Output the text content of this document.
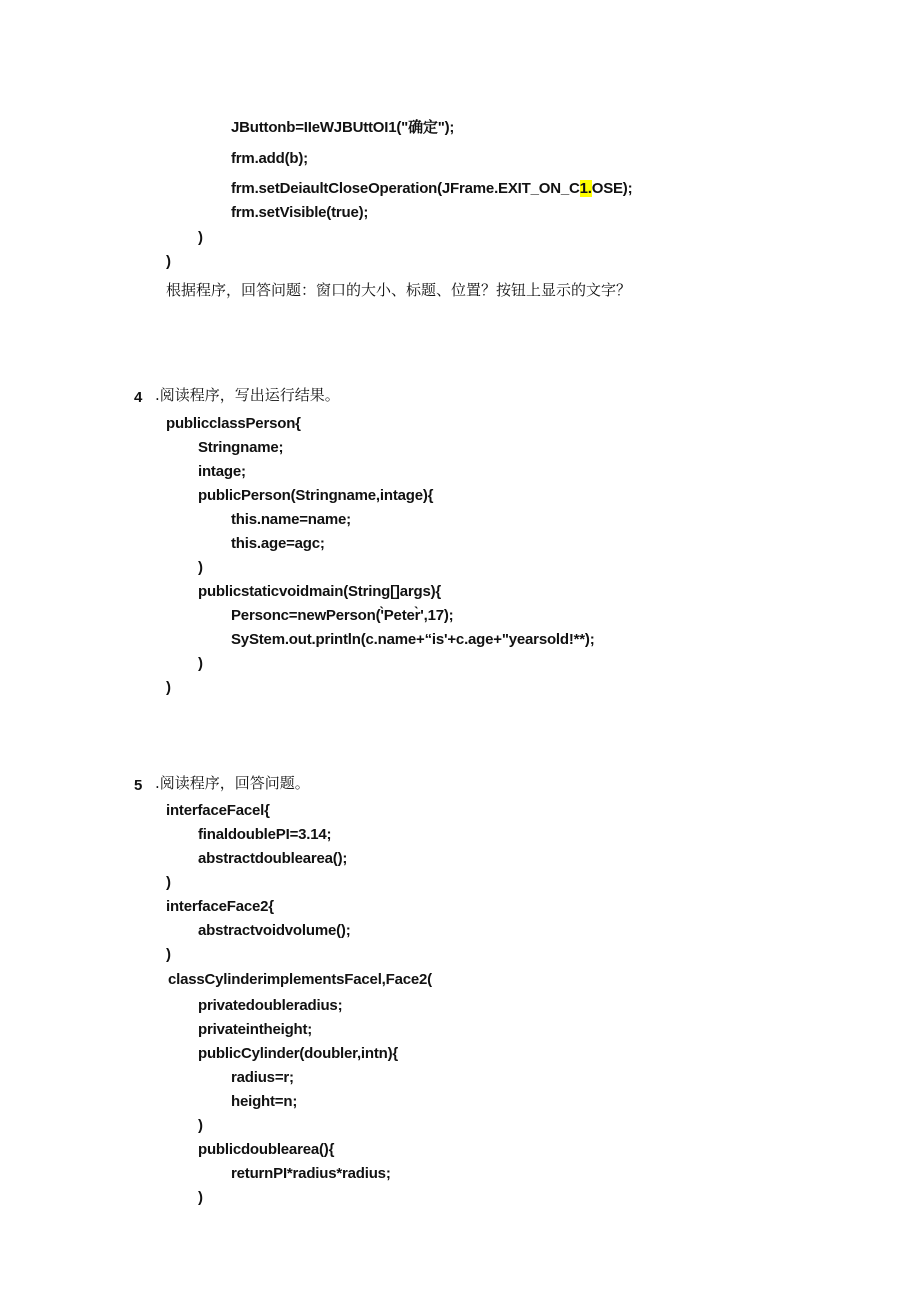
JButtonb=IIeWJBUttOI1("确定");
frm.add(b);
frm.setDeiaultCloseOperation(JFrame.EXIT_ON_C1.OSE);
frm.setVisible(true);
)
)
根据程序，回答问题：窗口的大小、标题、位置？按钮上显示的文字？
4 .阅读程序，写出运行结果。
publicclassPerson{
Stringname;
intage;
publicPerson(Stringname,intage){
this.name=name;
this.age=agc;
)
publicstaticvoidmain(String[]args){
Personc=newPerson('̀Peter̀',17);
SyStem.out.println(c.name+“is'+c.age+"yearsold!**);
)
)
5 .阅读程序，回答问题。
interfaceFacel{
finaldoublePI=3.14;
abstractdoublearea();
)
interfaceFace2{
abstractvoidvolume();
)
classCylinderimplementsFacel,Face2(
privatedoubleradius;
privateintheight;
publicCylinder(doubler,intn){
radius=r;
height=n;
)
publicdoublearea(){
returnPI*radius*radius;
)
